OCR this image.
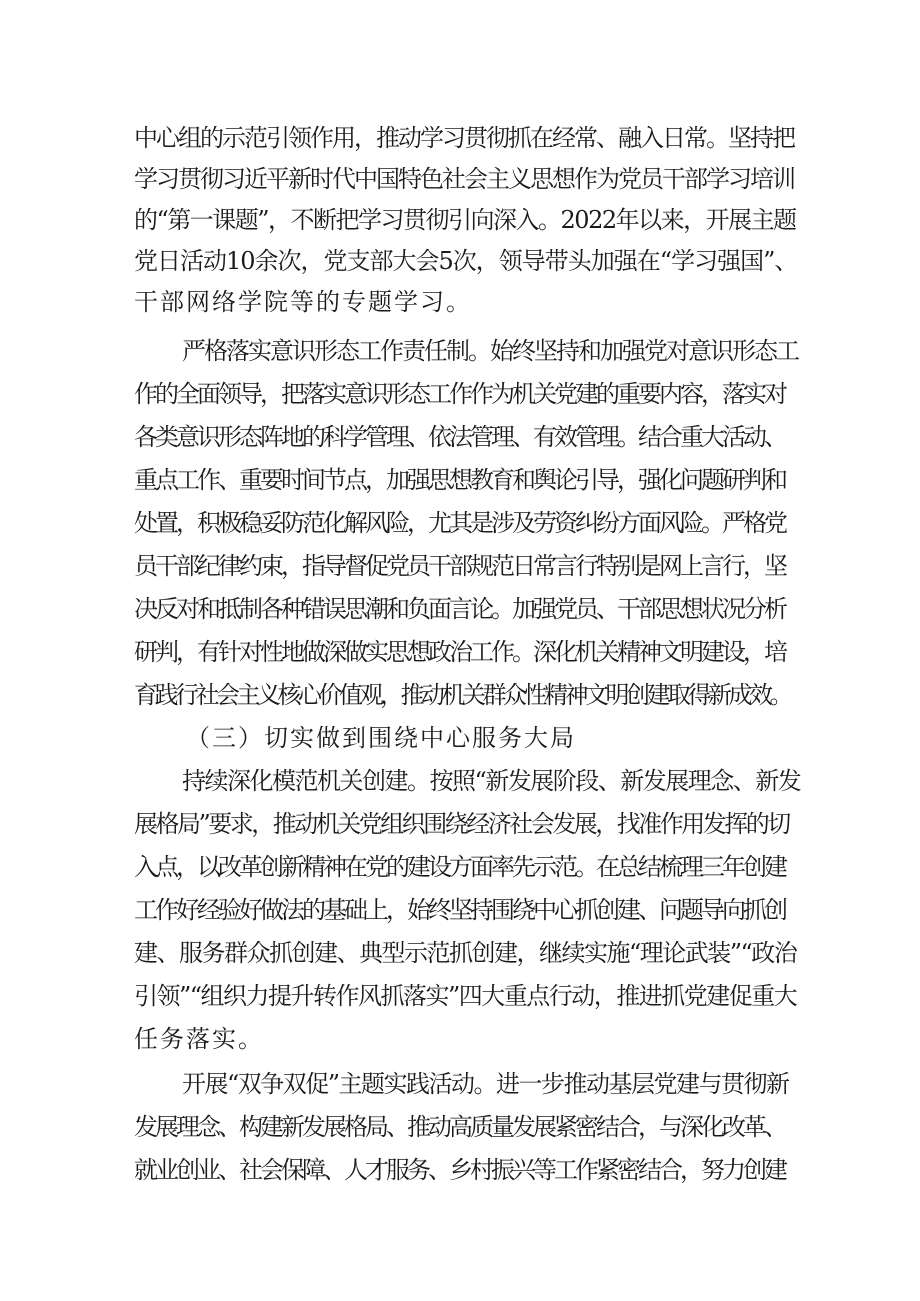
中心组的示范引领作用，推动学习贯彻抓在经常、融入日常。坚持把

学习贯彻习近平新时代中国特色社会主义思想作为党员干部学习培训

的“第一课题”，不断把学习贯彻引向深入。2022年以来，开展主题

党日活动10余次，党支部大会5次，领导带头加强在“学习强国”、

干部网络学院等的专题学习。

严格落实意识形态工作责任制。始终坚持和加强党对意识形态工

作的全面领导，把落实意识形态工作作为机关党建的重要内容，落实对

各类意识形态阵地的科学管理、依法管理、有效管理。结合重大活动、

重点工作、重要时间节点，加强思想教育和舆论引导，强化问题研判和

处置，积极稳妥防范化解风险，尤其是涉及劳资纠纷方面风险。严格党

员干部纪律约束，指导督促党员干部规范日常言行特别是网上言行，坚

决反对和抵制各种错误思潮和负面言论。加强党员、干部思想状况分析

研判，有针对性地做深做实思想政治工作。深化机关精神文明建设，培

育践行社会主义核心价值观，推动机关群众性精神文明创建取得新成效。

（三）切实做到围绕中心服务大局

持续深化模范机关创建。按照“新发展阶段、新发展理念、新发

展格局”要求，推动机关党组织围绕经济社会发展，找准作用发挥的切

入点，以改革创新精神在党的建设方面率先示范。在总结梳理三年创建

工作好经验好做法的基础上，始终坚持围绕中心抓创建、问题导向抓创

建、服务群众抓创建、典型示范抓创建，继续实施“理论武装”“政治

引领”“组织力提升转作风抓落实”四大重点行动，推进抓党建促重大

任务落实。

开展“双争双促”主题实践活动。进一步推动基层党建与贯彻新

发展理念、构建新发展格局、推动高质量发展紧密结合，与深化改革、

就业创业、社会保障、人才服务、乡村振兴等工作紧密结合，努力创建
